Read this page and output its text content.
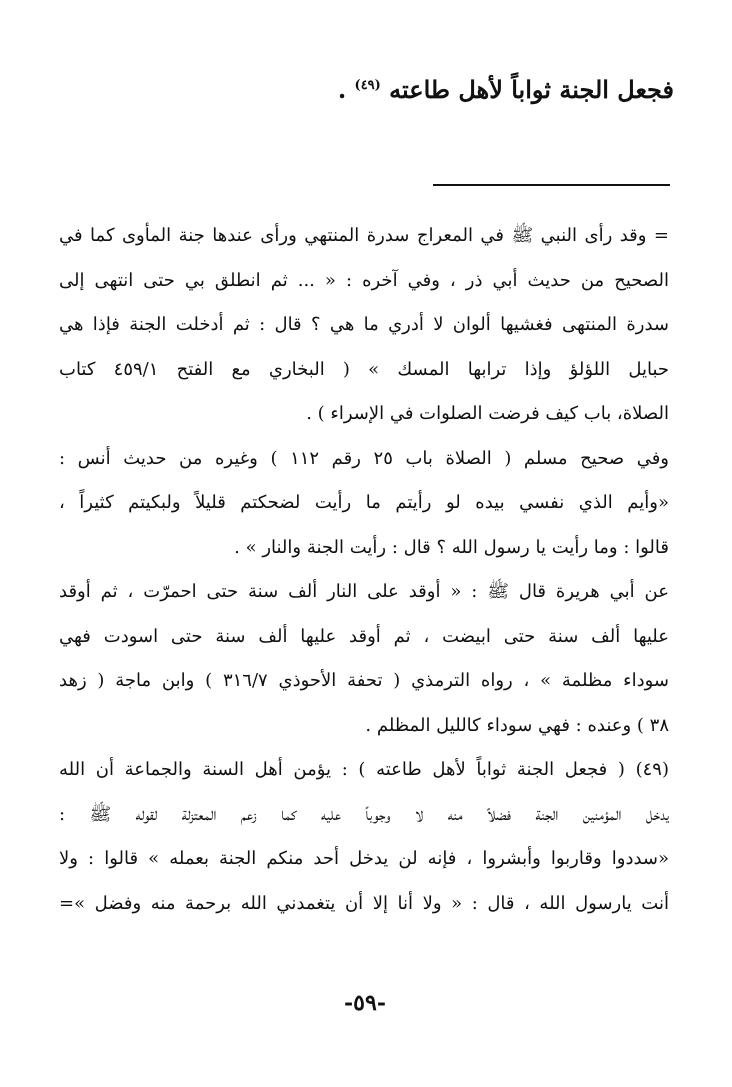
فجعل الجنة ثواباً لأهل طاعته $^{(٤٩)}$ .
= وقد رأى النبي ﷺ في المعراج سدرة المنتهي ورأى عندها جنة المأوى كما في
الصحيح من حديث أبي ذر ، وفي آخره : « ... ثم انطلق بي حتى انتهى إلى
سدرة المنتهى فغشيها ألوان لا أدري ما هي ؟ قال : ثم أدخلت الجنة فإذا هي
حبايل اللؤلؤ وإذا ترابها المسك » ( البخاري مع الفتح ٤٥٩/١ كتاب
الصلاة، باب كيف فرضت الصلوات في الإسراء ) .
وفي صحيح مسلم ( الصلاة باب ٢٥ رقم ١١٢ ) وغيره من حديث أنس :
«وأيم الذي نفسي بيده لو رأيتم ما رأيت لضحكتم قليلاً ولبكيتم كثيراً ،
قالوا : وما رأيت يا رسول الله ؟ قال : رأيت الجنة والنار » .
عن أبي هريرة قال ﷺ : « أوقد على النار ألف سنة حتى احمرّت ، ثم أوقد
عليها ألف سنة حتى ابيضت ، ثم أوقد عليها ألف سنة حتى اسودت فهي
سوداء مظلمة » ، رواه الترمذي ( تحفة الأحوذي ٣١٦/٧ ) وابن ماجة ( زهد
٣٨ ) وعنده : فهي سوداء كالليل المظلم .
(٤٩) ( فجعل الجنة ثواباً لأهل طاعته ) : يؤمن أهل السنة والجماعة أن الله
يدخل المؤمنين الجنة فضلاً منه لا وجوباً عليه كما زعم المعتزلة لقوله ﷺ :
«سددوا وقاربوا وأبشروا ، فإنه لن يدخل أحد منكم الجنة بعمله » قالوا : ولا
أنت يارسول الله ، قال : « ولا أنا إلا أن يتغمدني الله برحمة منه وفضل »=
-٥٩-
